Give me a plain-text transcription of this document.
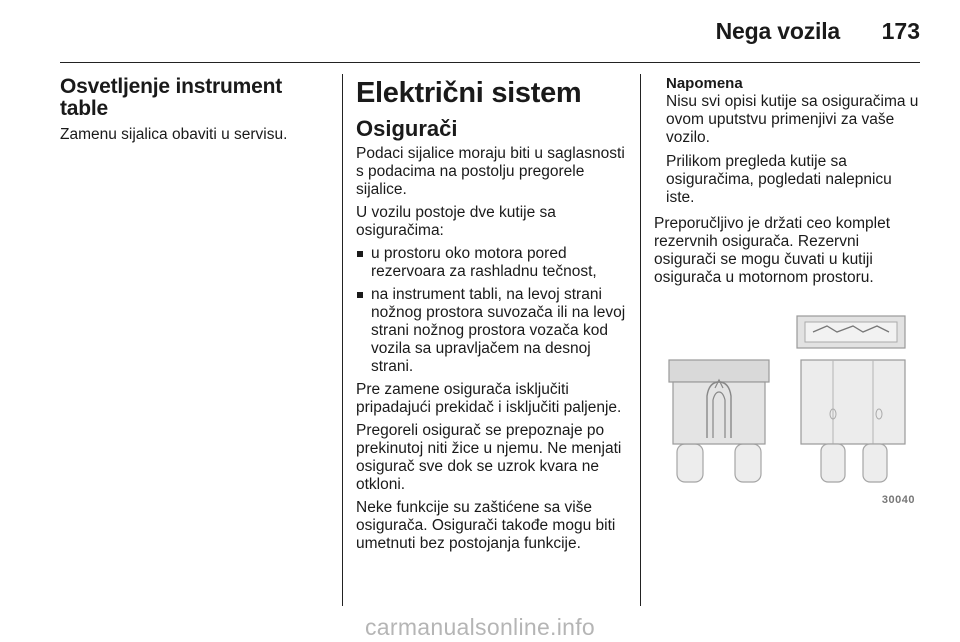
Nega vozila 173
Osvetljenje instrument table

Zamenu sijalica obaviti u servisu.

Električni sistem
Osigurači

Podaci sijalice moraju biti u saglasnosti s podacima na postolju pregorele sijalice.

U vozilu postoje dve kutije sa osiguračima:

u prostoru oko motora pored rezervoara za rashladnu tečnost,
na instrument tabli, na levoj strani nožnog prostora suvozača ili na levoj strani nožnog prostora vozača kod vozila sa upravljačem na desnoj strani.

Pre zamene osigurača isključiti pripadajući prekidač i isključiti paljenje.

Pregoreli osigurač se prepoznaje po prekinutoj niti žice u njemu. Ne menjati osigurač sve dok se uzrok kvara ne otkloni.

Neke funkcije su zaštićene sa više osigurača. Osigurači takođe mogu biti umetnuti bez postojanja funkcije.

Napomena

Nisu svi opisi kutije sa osiguračima u ovom uputstvu primenjivi za vaše vozilo.

Prilikom pregleda kutije sa osiguračima, pogledati nalepnicu iste.

Preporučljivo je držati ceo komplet rezervnih osigurača. Rezervni osigurači se mogu čuvati u kutiji osigurača u motornom prostoru.

30040
carmanualsonline.info
